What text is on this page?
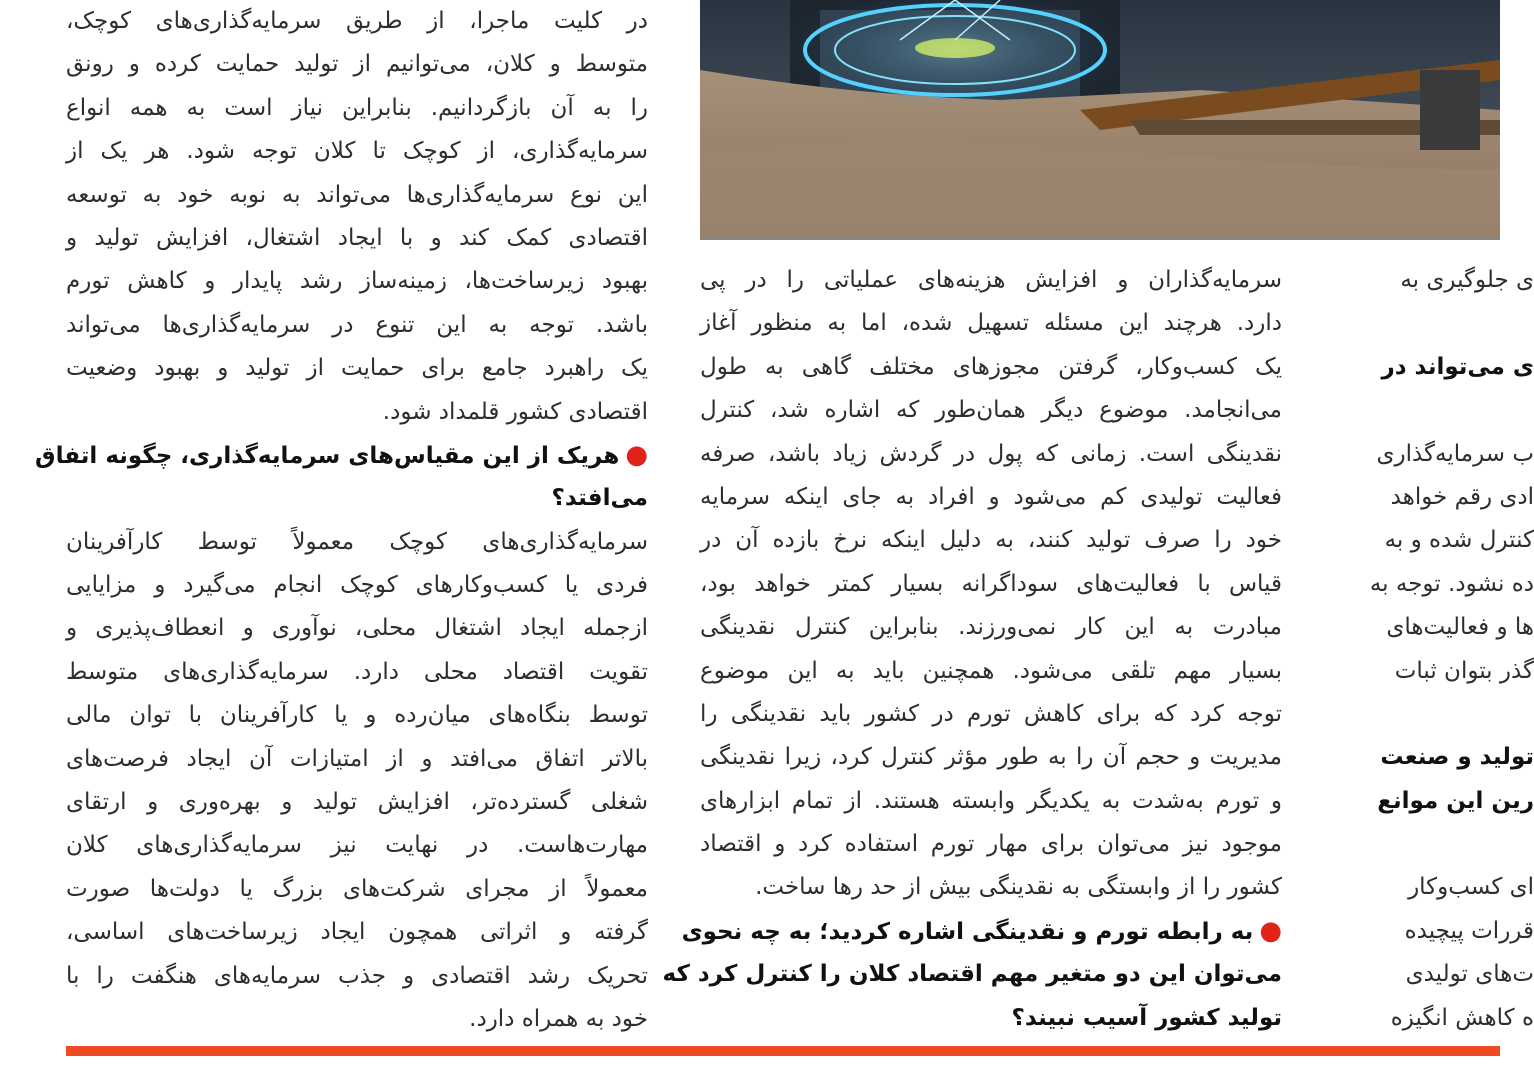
در کلیت ماجرا، از طریق سرمایه‌گذاری‌های کوچک،
متوسط و کلان، می‌توانیم از تولید حمایت کرده و رونق
را به آن بازگردانیم. بنابراین نیاز است به همه انواع
سرمایه‌گذاری، از کوچک تا کلان توجه شود. هر یک از
این نوع سرمایه‌گذاری‌ها می‌تواند به نوبه خود به توسعه
اقتصادی کمک کند و با ایجاد اشتغال، افزایش تولید و
بهبود زیرساخت‌ها، زمینه‌ساز رشد پایدار و کاهش تورم
باشد. توجه به این تنوع در سرمایه‌گذاری‌ها می‌تواند
یک راهبرد جامع برای حمایت از تولید و بهبود وضعیت
اقتصادی کشور قلمداد شود.
●هریک از این مقیاس‌های سرمایه‌گذاری، چگونه اتفاق
می‌افتد؟
سرمایه‌گذاری‌های کوچک معمولاً توسط کارآفرینان
فردی یا کسب‌وکارهای کوچک انجام می‌گیرد و مزایایی
ازجمله ایجاد اشتغال محلی، نوآوری و انعطاف‌پذیری و
تقویت اقتصاد محلی دارد. سرمایه‌گذاری‌های متوسط
توسط بنگاه‌های میان‌رده و یا کارآفرینان با توان مالی
بالاتر اتفاق می‌افتد و از امتیازات آن ایجاد فرصت‌های
شغلی گسترده‌تر، افزایش تولید و بهره‌وری و ارتقای
مهارت‌هاست. در نهایت نیز سرمایه‌گذاری‌های کلان
معمولاً از مجرای شرکت‌های بزرگ یا دولت‌ها صورت
گرفته و اثراتی همچون ایجاد زیرساخت‌های اساسی،
تحریک رشد اقتصادی و جذب سرمایه‌های هنگفت را با
خود به همراه دارد.
سرمایه‌گذاران و افزایش هزینه‌های عملیاتی را در پی
دارد. هرچند این مسئله تسهیل شده، اما به منظور آغاز
یک کسب‌وکار، گرفتن مجوزهای مختلف گاهی به طول
می‌انجامد. موضوع دیگر همان‌طور که اشاره شد، کنترل
نقدینگی است. زمانی که پول در گردش زیاد باشد، صرفه
فعالیت تولیدی کم می‌شود و افراد به جای اینکه سرمایه
خود را صرف تولید کنند، به دلیل اینکه نرخ بازده آن در
قیاس با فعالیت‌های سوداگرانه بسیار کمتر خواهد بود،
مبادرت به این کار نمی‌ورزند. بنابراین کنترل نقدینگی
بسیار مهم تلقی می‌شود. همچنین باید به این موضوع
توجه کرد که برای کاهش تورم در کشور باید نقدینگی را
مدیریت و حجم آن را به طور مؤثر کنترل کرد، زیرا نقدینگی
و تورم به‌شدت به یکدیگر وابسته هستند. از تمام ابزارهای
موجود نیز می‌توان برای مهار تورم استفاده کرد و اقتصاد
کشور را از وابستگی به نقدینگی بیش از حد رها ساخت.
●به رابطه تورم و نقدینگی اشاره کردید؛ به چه نحوی
می‌توان این دو متغیر مهم اقتصاد کلان را کنترل کرد که
تولید کشور آسیب نبیند؟
ی جلوگیری به
ی می‌تواند در
ب سرمایه‌گذاری
ادی رقم خواهد
کنترل شده و به
ده نشود. توجه به
ها و فعالیت‌های
گذر بتوان ثبات
تولید و صنعت
رین این موانع
ای کسب‌وکار
قررات پیچیده
ت‌های تولیدی
ه کاهش انگیزه
